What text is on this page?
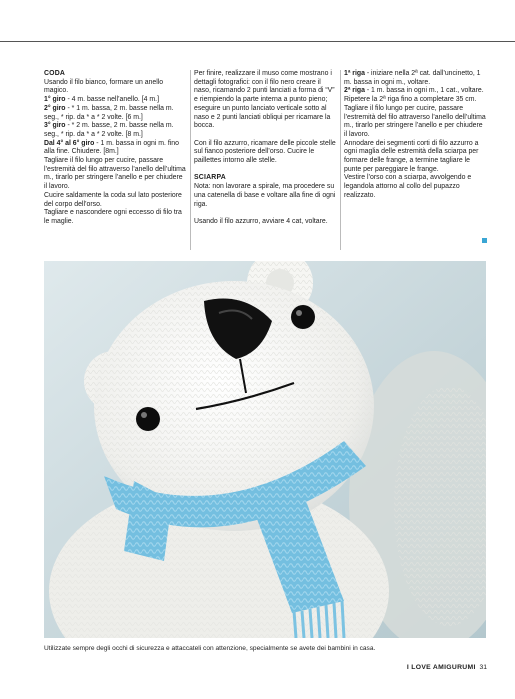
CODA

Usando il filo bianco, formare un anello magico.

1° giro - 4 m. basse nell’anello. [4 m.]

2° giro - * 1 m. bassa, 2 m. basse nella m. seg., * rip. da * a * 2 volte. [6 m.]

3° giro - * 2 m. basse, 2 m. basse nella m. seg., * rip. da * a * 2 volte. [8 m.]

Dal 4° al 6° giro - 1 m. bassa in ogni m. fino alla fine. Chiudere. [8m.]

Tagliare il filo lungo per cucire, passare l’estremità del filo attraverso l’anello dell’ultima m., tirarlo per stringere l’anello e per chiudere il lavoro.

Cucire saldamente la coda sul lato posteriore del corpo dell’orso.

Tagliare e nascondere ogni eccesso di filo tra le maglie.

Per finire, realizzare il muso come mostrano i dettagli fotografici: con il filo nero creare il naso, ricamando 2 punti lanciati a forma di “V” e riempiendo la parte interna a punto pieno; eseguire un punto lanciato verticale sotto al naso e 2 punti lanciati obliqui per ricamare la bocca.

Con il filo azzurro, ricamare delle piccole stelle sul fianco posteriore dell’orso. Cucire le paillettes intorno alle stelle.

SCIARPA

Nota: non lavorare a spirale, ma procedere su una catenella di base e voltare alla fine di ogni riga.

Usando il filo azzurro, avviare 4 cat, voltare.

1ª riga - iniziare nella 2ª cat. dall’uncinetto, 1 m. bassa in ogni m., voltare.

2ª riga - 1 m. bassa in ogni m., 1 cat., voltare.

Ripetere la 2ª riga fino a completare 35 cm.

Tagliare il filo lungo per cucire, passare l’estremità del filo attraverso l’anello dell’ultima m., tirarlo per stringere l’anello e per chiudere il lavoro.

Annodare dei segmenti corti di filo azzurro a ogni maglia delle estremità della sciarpa per formare delle frange, a termine tagliare le punte per pareggiare le frange.

Vestire l’orso con a sciarpa, avvolgendo e legandola attorno al collo del pupazzo realizzato.

Utilizzate sempre degli occhi di sicurezza e attaccateli con attenzione, specialmente se avete dei bambini in casa.
I LOVE AMIGURUMI 31
